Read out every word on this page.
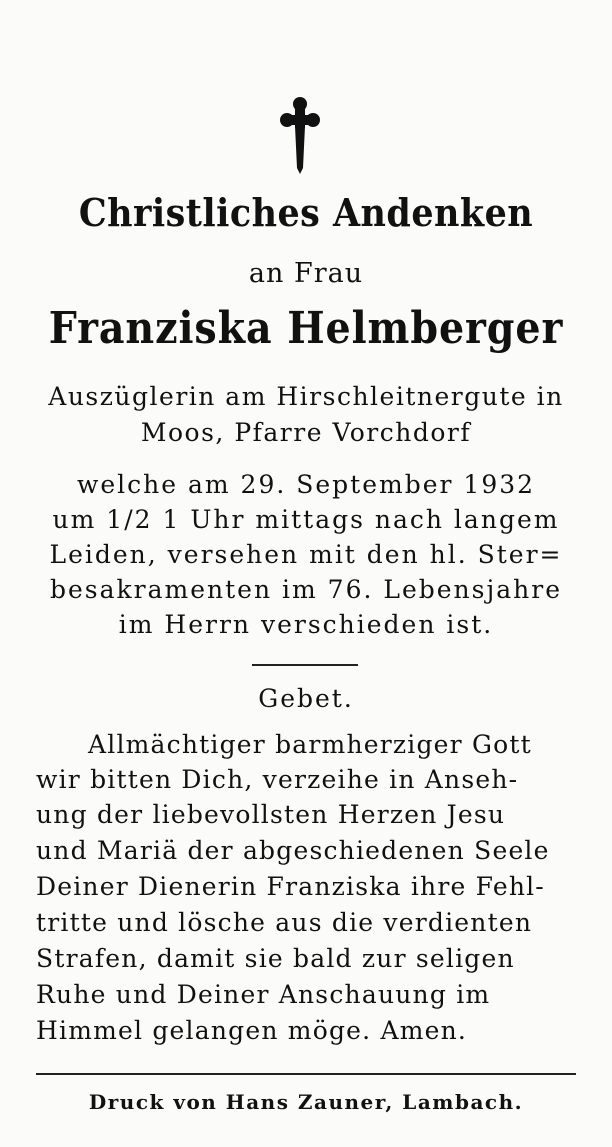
Christliches Andenken
an Frau
Franziska Helmberger
Auszüglerin am Hirschleitnergute in
Moos, Pfarre Vorchdorf
welche am 29. September 1932
um 1/2 1 Uhr mittags nach langem
Leiden, versehen mit den hl. Ster=
besakramenten im 76. Lebensjahre
im Herrn verschieden ist.
Gebet.
Allmächtiger barmherziger Gott
wir bitten Dich, verzeihe in Anseh-
ung der liebevollsten Herzen Jesu
und Mariä der abgeschiedenen Seele
Deiner Dienerin Franziska ihre Fehl-
tritte und lösche aus die verdienten
Strafen, damit sie bald zur seligen
Ruhe und Deiner Anschauung im
Himmel gelangen möge. Amen.
Druck von Hans Zauner, Lambach.
